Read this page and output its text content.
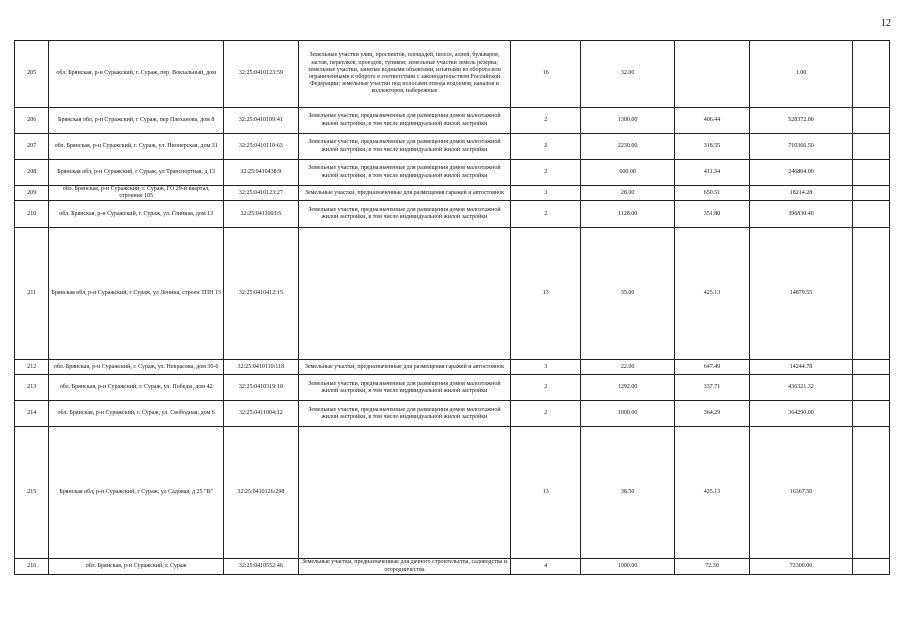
12
205	обл. Брянская, р-н Суражский, г. Сураж, пер. Вокзальный, дом	32:25:0410123:59	Земельные участки улиц, проспектов, площадей, шоссе, аллей, бульваров, застав, переулков, проездов, тупиков; земельные участки земель резерва; земельные участки, занятые водными объектами, изъятыми из оборота или ограниченными в обороте в соответствии с законодательством Российской Федерации; земельные участки под полосами отвода водоемов, каналов и коллекторов, набережные	16	32.00		1.00	
206	Брянская обл, р-н Суражский, г Сураж, пер Плеханова, дом 8	32:25:0410109:41	Земельные участки, предназначенные для размещения домов малоэтажной жилой застройки, в том числе индивидуальной жилой застройки	2	1300.00	406.44	528372.00	
207	обл. Брянская, р-н Суражский, г. Сураж, ул. Пионерская, дом 31	32:25:0410110:63	Земельные участки, предназначенные для размещения домов малоэтажной жилой застройки, в том числе индивидуальной жилой застройки	2	2230.00	318.55	710366.50	
208	Брянская обл, р-н Суражский, г Сураж, ул Транспортная, д 13	32:25:0410438:9	Земельные участки, предназначенные для размещения домов малоэтажной жилой застройки, в том числе индивидуальной жилой застройки	2	600.00	411.34	246804.00	
209	обл. Брянская, р-н Суражский, г. Сураж, ГО 29-й квартал, строение 105	32:25:0410123:27	Земельные участки, предназначенные для размещения гаражей и автостоянок	3	28.00	650.51	18214.28	
210	обл. Брянская, р-н Суражский, г. Сураж, ул. Глинная, дом 13	32:25:0411003:5	Земельные участки, предназначенные для размещения домов малоэтажной жилой застройки, в том числе индивидуальной жилой застройки	2	1128.00	351.80	396830.40	
211	Брянская обл, р-н Суражский, г Сураж, ул Ленина, строен ТПН 13	32:25:0410412:15		13	35.00	425.13	14879.55	
212	обл. Брянская, р-н Суражский, г. Сураж, ул. Некрасова, дом 30-б	32:25:0410110:118	Земельные участки, предназначенные для размещения гаражей и автостоянок	3	22.00	647.49	14244.78	
213	обл. Брянская, р-н Суражский, г. Сураж, ул. Победы, дом 42	32:25:0410319:10	Земельные участки, предназначенные для размещения домов малоэтажной жилой застройки, в том числе индивидуальной жилой застройки	2	1292.00	337.71	436321.32	
214	обл. Брянская, р-н Суражский, г. Сураж, ул. Свободная, дом 6	32:25:0411004:12	Земельные участки, предназначенные для размещения домов малоэтажной жилой застройки, в том числе индивидуальной жилой застройки	2	1000.00	364.29	364290.00	
215	Брянская обл, р-н Суражский, г Сураж, ул Садовая, д 25 "В"	32:25:0410126:298		13	38.50	425.13	16367.50	
216	обл. Брянская, р-н Суражский, г. Сураж	32:25:0410552:46	Земельные участки, предназначенные для дачного строительства, садоводства и огородничества	4	1000.00	72.30	72300.00	
